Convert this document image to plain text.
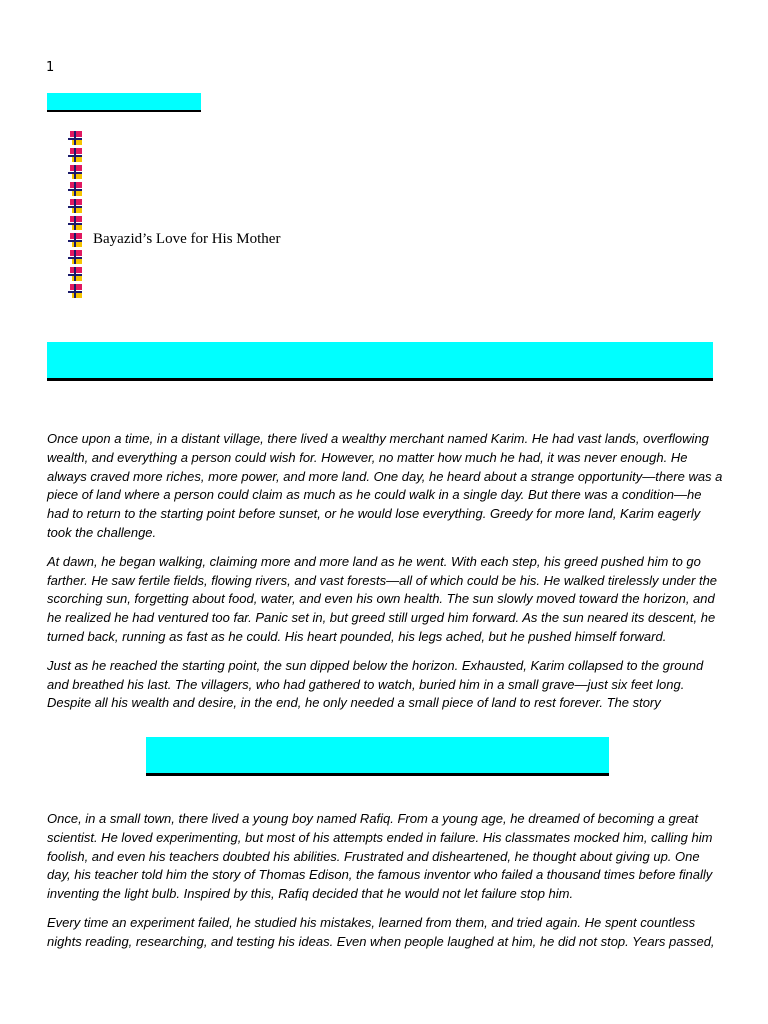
1
Bayazid’s Love for His Mother

Once upon a time, in a distant village, there lived a wealthy merchant named Karim. He had vast lands, overflowing wealth, and everything a person could wish for. However, no matter how much he had, it was never enough. He always craved more riches, more power, and more land. One day, he heard about a strange opportunity—there was a piece of land where a person could claim as much as he could walk in a single day. But there was a condition—he had to return to the starting point before sunset, or he would lose everything. Greedy for more land, Karim eagerly took the challenge.

At dawn, he began walking, claiming more and more land as he went. With each step, his greed pushed him to go farther. He saw fertile fields, flowing rivers, and vast forests—all of which could be his. He walked tirelessly under the scorching sun, forgetting about food, water, and even his own health. The sun slowly moved toward the horizon, and he realized he had ventured too far. Panic set in, but greed still urged him forward. As the sun neared its descent, he turned back, running as fast as he could. His heart pounded, his legs ached, but he pushed himself forward.

Just as he reached the starting point, the sun dipped below the horizon. Exhausted, Karim collapsed to the ground and breathed his last. The villagers, who had gathered to watch, buried him in a small grave—just six feet long. Despite all his wealth and desire, in the end, he only needed a small piece of land to rest forever. The story

Once, in a small town, there lived a young boy named Rafiq. From a young age, he dreamed of becoming a great scientist. He loved experimenting, but most of his attempts ended in failure. His classmates mocked him, calling him foolish, and even his teachers doubted his abilities. Frustrated and disheartened, he thought about giving up. One day, his teacher told him the story of Thomas Edison, the famous inventor who failed a thousand times before finally inventing the light bulb. Inspired by this, Rafiq decided that he would not let failure stop him.

Every time an experiment failed, he studied his mistakes, learned from them, and tried again. He spent countless nights reading, researching, and testing his ideas. Even when people laughed at him, he did not stop. Years passed,
